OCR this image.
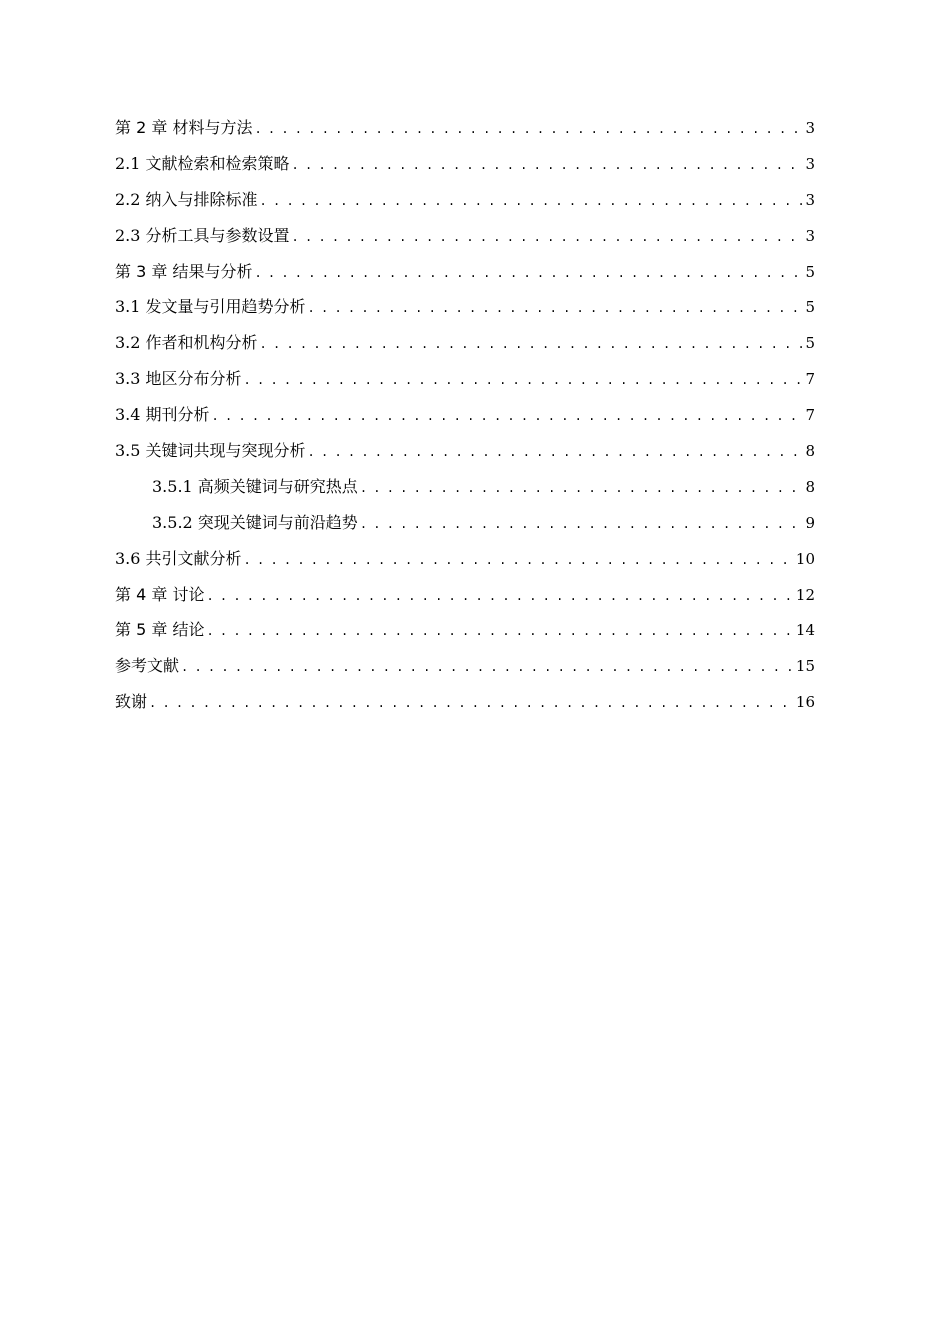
第 2 章 材料与方法 . . .	3
2.1 文献检索和检索策略 . . .	3
2.2 纳入与排除标准 . . .	3
2.3 分析工具与参数设置 . . .	3
第 3 章 结果与分析 . . .	5
3.1 发文量与引用趋势分析 . . .	5
3.2 作者和机构分析 . . .	5
3.3 地区分布分析 . . .	7
3.4 期刊分析 . . .	7
3.5 关键词共现与突现分析 . . .	8
3.5.1 高频关键词与研究热点 . . .	8
3.5.2 突现关键词与前沿趋势 . . .	9
3.6 共引文献分析 . . .	10
第 4 章 讨论 . . .	12
第 5 章 结论 . . .	14
参考文献 . . .	15
致谢 . . .	16
